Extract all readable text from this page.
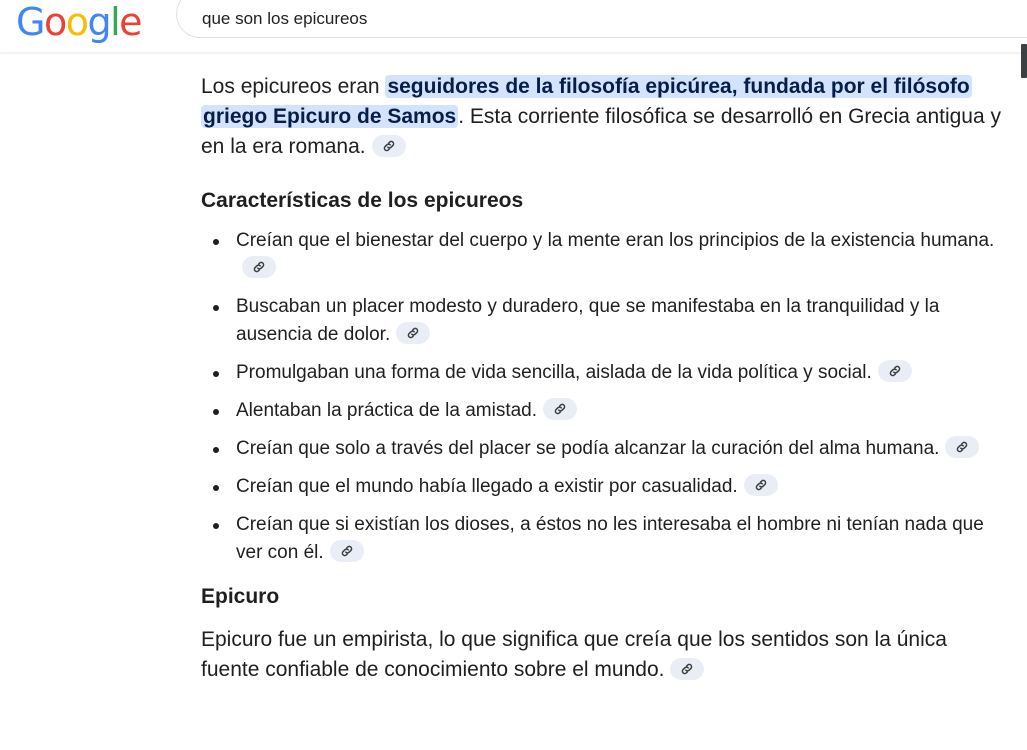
Google	que son los epicureos

Los epicureos eran seguidores de la filosofía epicúrea, fundada por el filósofo griego Epicuro de Samos. Esta corriente filosófica se desarrolló en Grecia antigua y en la era romana.

Características de los epicureos
Creían que el bienestar del cuerpo y la mente eran los principios de la existencia humana.
Buscaban un placer modesto y duradero, que se manifestaba en la tranquilidad y la ausencia de dolor.
Promulgaban una forma de vida sencilla, aislada de la vida política y social.
Alentaban la práctica de la amistad.
Creían que solo a través del placer se podía alcanzar la curación del alma humana.
Creían que el mundo había llegado a existir por casualidad.
Creían que si existían los dioses, a éstos no les interesaba el hombre ni tenían nada que ver con él.
Epicuro

Epicuro fue un empirista, lo que significa que creía que los sentidos son la única fuente confiable de conocimiento sobre el mundo.
